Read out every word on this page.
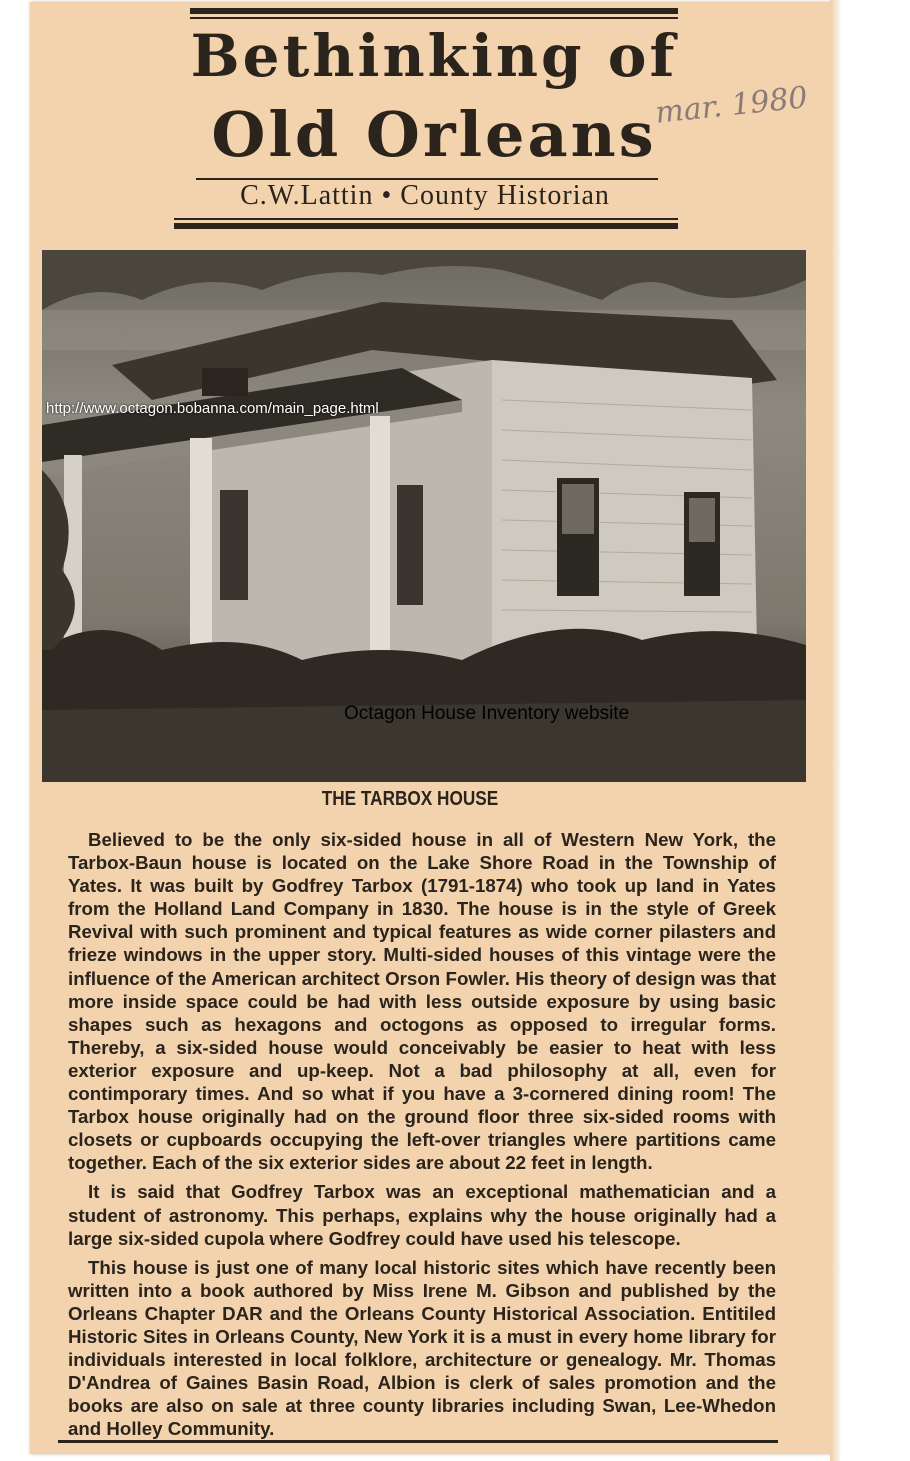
Bethinking of
Old Orleans
C.W.Lattin • County Historian
mar. 1980
http://www.octagon.bobanna.com/main_page.html
Octagon House Inventory website
THE TARBOX HOUSE

Believed to be the only six-sided house in all of Western New York, the Tarbox-Baun house is located on the Lake Shore Road in the Township of Yates. It was built by Godfrey Tarbox (1791-1874) who took up land in Yates from the Holland Land Company in 1830. The house is in the style of Greek Revival with such prominent and typical features as wide corner pilasters and frieze windows in the upper story. Multi-sided houses of this vintage were the influence of the American architect Orson Fowler. His theory of design was that more inside space could be had with less outside exposure by using basic shapes such as hexagons and octogons as opposed to irregular forms. Thereby, a six-sided house would conceivably be easier to heat with less exterior exposure and up-keep. Not a bad philosophy at all, even for contimporary times. And so what if you have a 3-cornered dining room! The Tarbox house originally had on the ground floor three six-sided rooms with closets or cupboards occupying the left-over triangles where partitions came together. Each of the six exterior sides are about 22 feet in length.

It is said that Godfrey Tarbox was an exceptional mathematician and a student of astronomy. This perhaps, explains why the house originally had a large six-sided cupola where Godfrey could have used his telescope.

This house is just one of many local historic sites which have recently been written into a book authored by Miss Irene M. Gibson and published by the Orleans Chapter DAR and the Orleans County Historical Association. Entitiled Historic Sites in Orleans County, New York it is a must in every home library for individuals interested in local folklore, architecture or genealogy. Mr. Thomas D'Andrea of Gaines Basin Road, Albion is clerk of sales promotion and the books are also on sale at three county libraries including Swan, Lee-Whedon and Holley Community.
